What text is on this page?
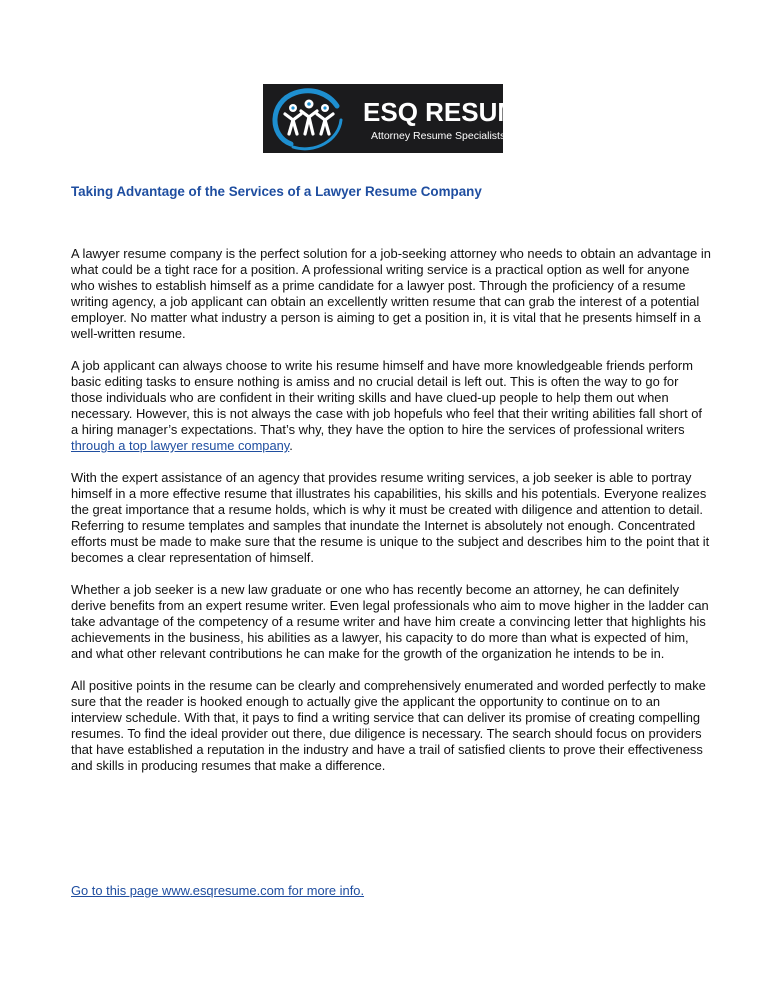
ESQ RESUME
Attorney Resume Specialists
Taking Advantage of the Services of a Lawyer Resume Company

A lawyer resume company is the perfect solution for a job-seeking attorney who needs to obtain an advantage in what could be a tight race for a position. A professional writing service is a practical option as well for anyone who wishes to establish himself as a prime candidate for a lawyer post. Through the proficiency of a resume writing agency, a job applicant can obtain an excellently written resume that can grab the interest of a potential employer. No matter what industry a person is aiming to get a position in, it is vital that he presents himself in a well-written resume.

A job applicant can always choose to write his resume himself and have more knowledgeable friends perform basic editing tasks to ensure nothing is amiss and no crucial detail is left out. This is often the way to go for those individuals who are confident in their writing skills and have clued-up people to help them out when necessary. However, this is not always the case with job hopefuls who feel that their writing abilities fall short of a hiring manager’s expectations. That’s why, they have the option to hire the services of professional writers through a top lawyer resume company.

With the expert assistance of an agency that provides resume writing services, a job seeker is able to portray himself in a more effective resume that illustrates his capabilities, his skills and his potentials. Everyone realizes the great importance that a resume holds, which is why it must be created with diligence and attention to detail. Referring to resume templates and samples that inundate the Internet is absolutely not enough. Concentrated efforts must be made to make sure that the resume is unique to the subject and describes him to the point that it becomes a clear representation of himself.

Whether a job seeker is a new law graduate or one who has recently become an attorney, he can definitely derive benefits from an expert resume writer. Even legal professionals who aim to move higher in the ladder can take advantage of the competency of a resume writer and have him create a convincing letter that highlights his achievements in the business, his abilities as a lawyer, his capacity to do more than what is expected of him, and what other relevant contributions he can make for the growth of the organization he intends to be in.

All positive points in the resume can be clearly and comprehensively enumerated and worded perfectly to make sure that the reader is hooked enough to actually give the applicant the opportunity to continue on to an interview schedule. With that, it pays to find a writing service that can deliver its promise of creating compelling resumes. To find the ideal provider out there, due diligence is necessary. The search should focus on providers that have established a reputation in the industry and have a trail of satisfied clients to prove their effectiveness and skills in producing resumes that make a difference.

Go to this page www.esqresume.com for more info.
